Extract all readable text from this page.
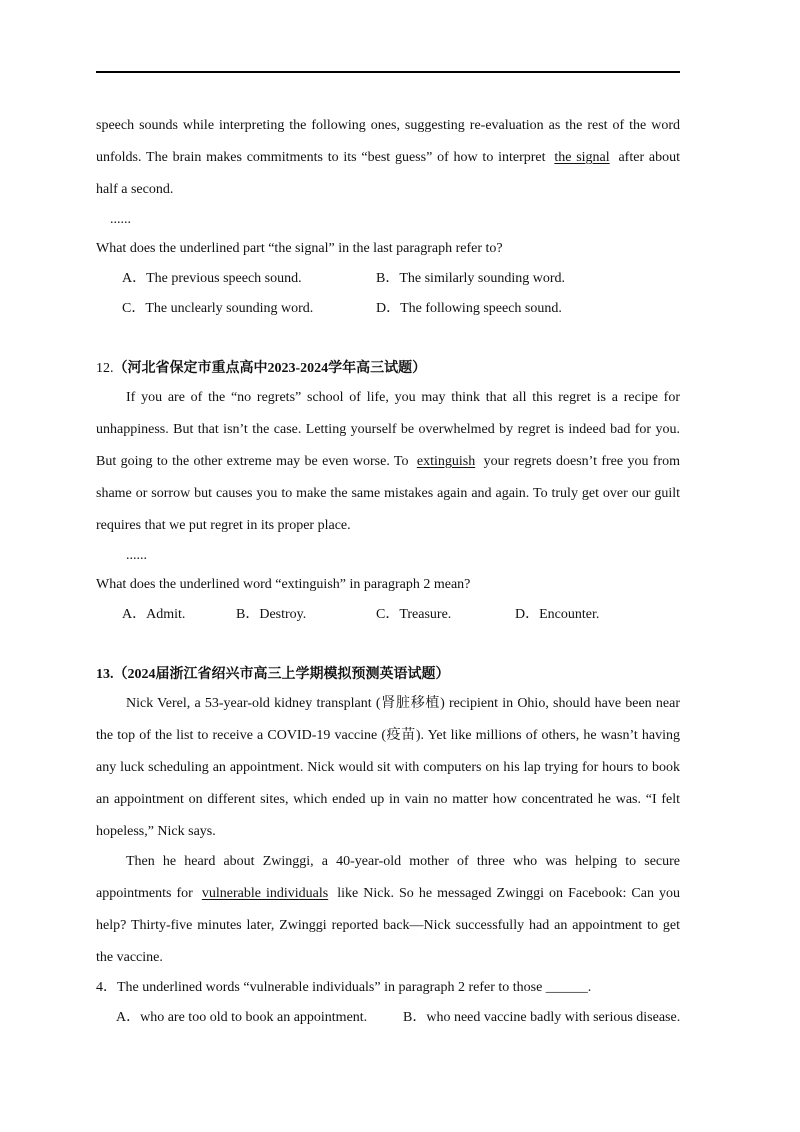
speech sounds while interpreting the following ones, suggesting re-evaluation as the rest of the word
unfolds. The brain makes commitments to its “best guess” of how to interpret the signal after about
half a second.
......
What does the underlined part “the signal” in the last paragraph refer to?
A．The previous speech sound.	B．The similarly sounding word.
C．The unclearly sounding word.	D．The following speech sound.
12.（河北省保定市重点高中2023-2024学年高三试题）
If you are of the “no regrets” school of life, you may think that all this regret is a recipe for
unhappiness. But that isn’t the case. Letting yourself be overwhelmed by regret is indeed bad for you.
But going to the other extreme may be even worse. To extinguish your regrets doesn’t free you from
shame or sorrow but causes you to make the same mistakes again and again. To truly get over our guilt
requires that we put regret in its proper place.
......
What does the underlined word “extinguish” in paragraph 2 mean?
A．Admit.	B．Destroy.	C．Treasure.	D．Encounter.
13.（2024届浙江省绍兴市高三上学期模拟预测英语试题）
Nick Verel, a 53-year-old kidney transplant (肾脏移植) recipient in Ohio, should have been near
the top of the list to receive a COVID-19 vaccine (疫苗). Yet like millions of others, he wasn’t having
any luck scheduling an appointment. Nick would sit with computers on his lap trying for hours to book
an appointment on different sites, which ended up in vain no matter how concentrated he was. “I felt
hopeless,” Nick says.
Then he heard about Zwinggi, a 40-year-old mother of three who was helping to secure
appointments for vulnerable individuals like Nick. So he messaged Zwinggi on Facebook: Can you
help? Thirty-five minutes later, Zwinggi reported back—Nick successfully had an appointment to get
the vaccine.
4．The underlined words “vulnerable individuals” in paragraph 2 refer to those ______.
A．who are too old to book an appointment.	B．who need vaccine badly with serious disease.
